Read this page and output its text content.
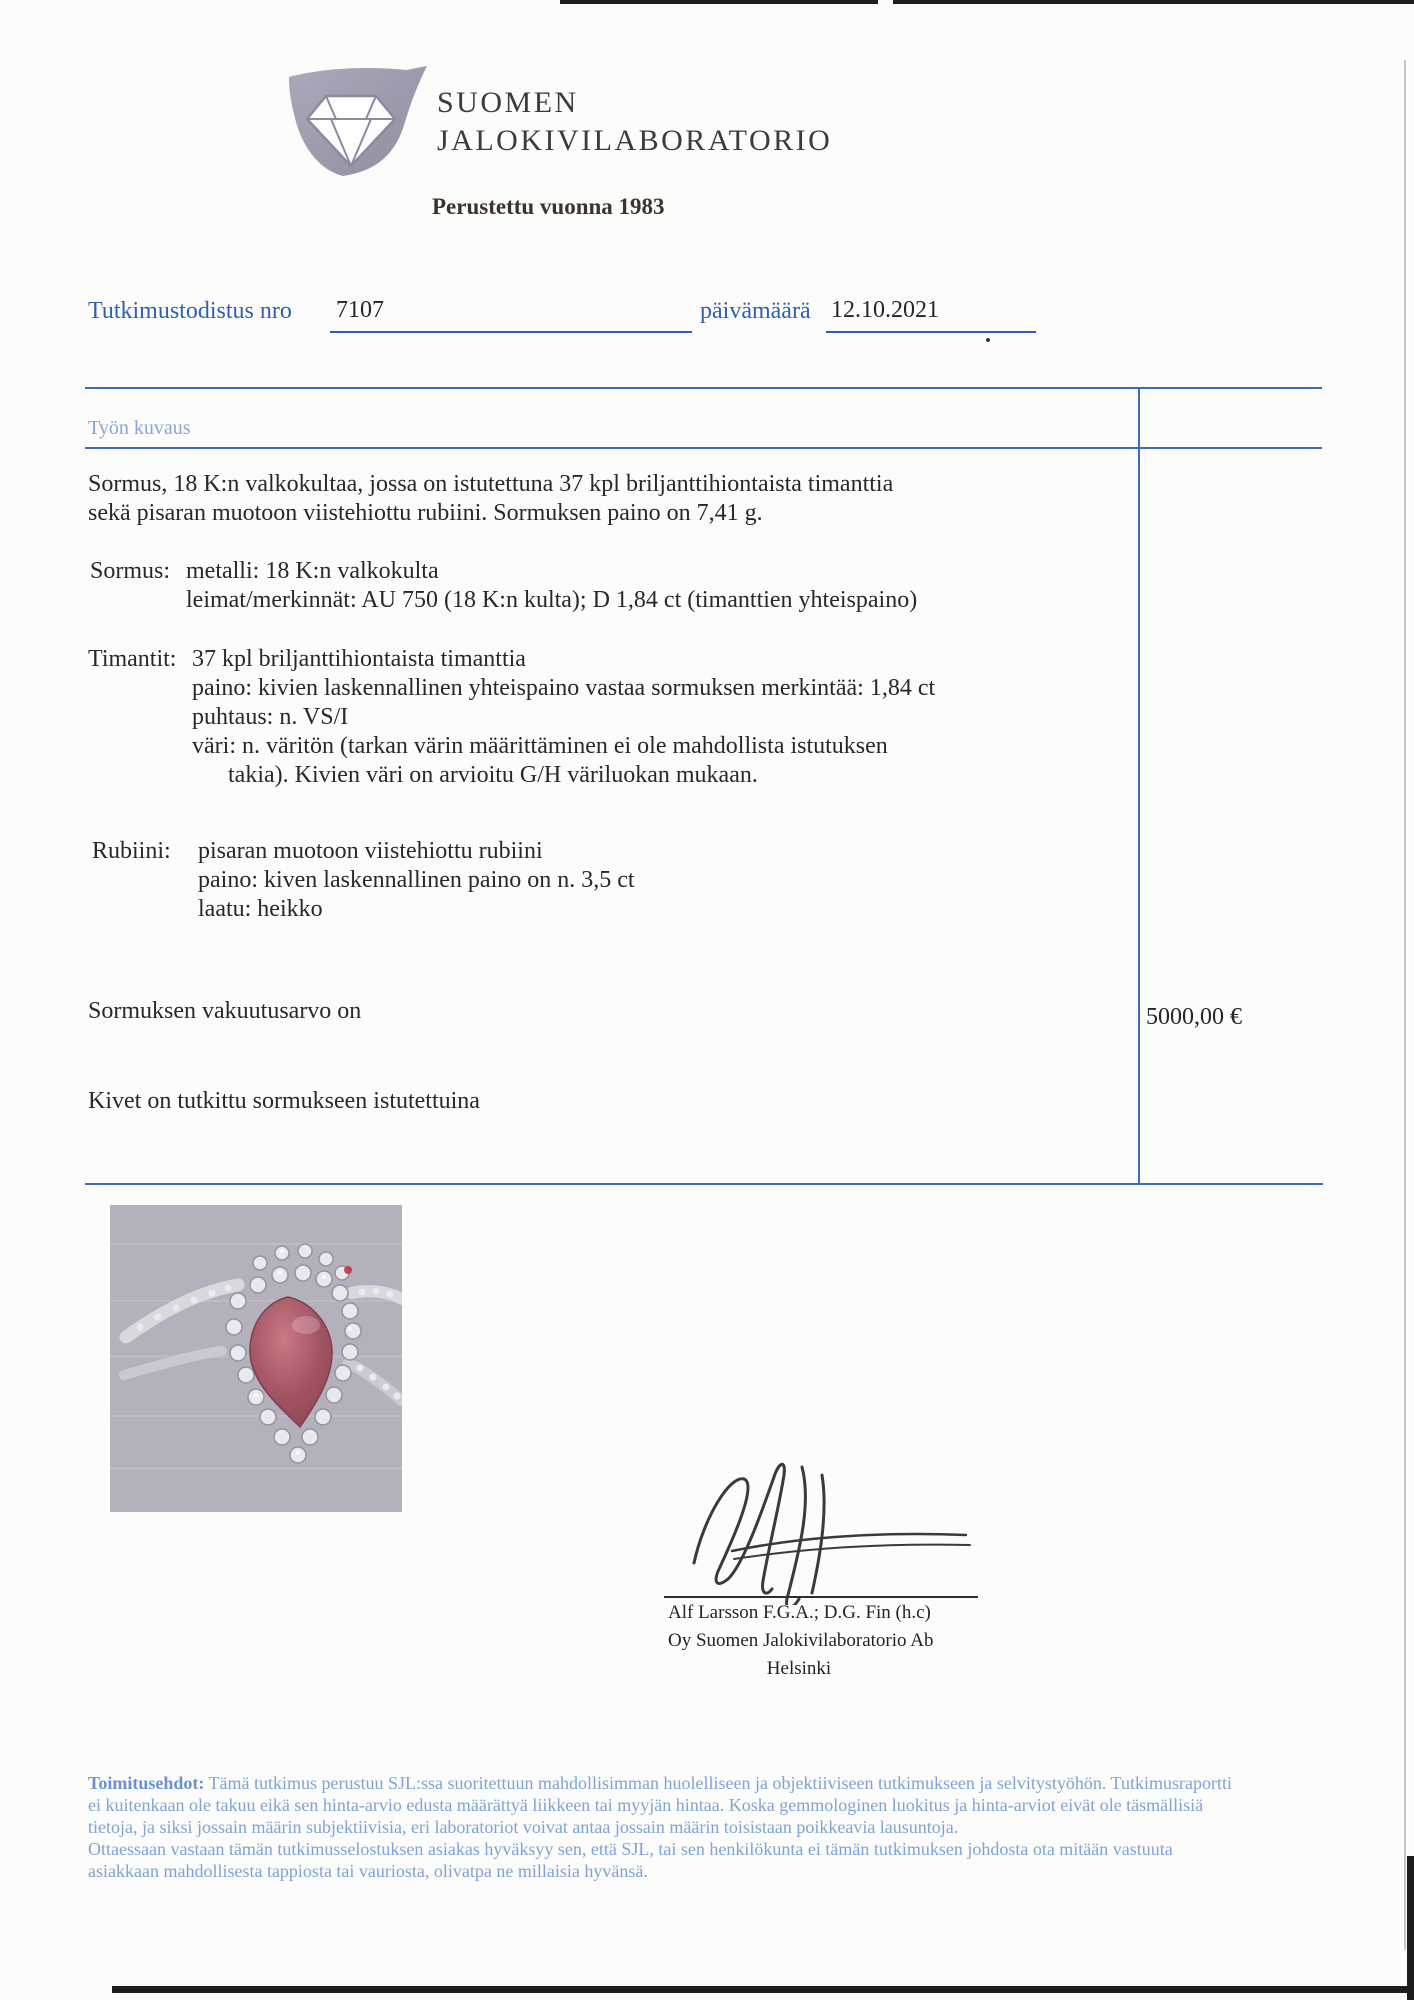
SUOMEN
JALOKIVILABORATORIO
Perustettu vuonna 1983
Tutkimustodistus nro 7107	päivämäärä 12.10.2021
Työn kuvaus
Sormus, 18 K:n valkokultaa, jossa on istutettuna 37 kpl briljanttihiontaista timanttia
sekä pisaran muotoon viistehiottu rubiini. Sormuksen paino on 7,41 g.
Sormus: metalli: 18 K:n valkokulta
leimat/merkinnät: AU 750 (18 K:n kulta); D 1,84 ct (timanttien yhteispaino)
Timantit: 37 kpl briljanttihiontaista timanttia
paino: kivien laskennallinen yhteispaino vastaa sormuksen merkintää: 1,84 ct
puhtaus: n. VS/I
väri: n. väritön (tarkan värin määrittäminen ei ole mahdollista istutuksen
takia). Kivien väri on arvioitu G/H väriluokan mukaan.
Rubiini: pisaran muotoon viistehiottu rubiini
paino: kiven laskennallinen paino on n. 3,5 ct
laatu: heikko
Sormuksen vakuutusarvo on	5000,00 €
Kivet on tutkittu sormukseen istutettuina
Alf Larsson F.G.A.; D.G. Fin (h.c)
Oy Suomen Jalokivilaboratorio Ab
Helsinki
Toimitusehdot: Tämä tutkimus perustuu SJL:ssa suoritettuun mahdollisimman huolelliseen ja objektiiviseen tutkimukseen ja selvitystyöhön. Tutkimusraportti
ei kuitenkaan ole takuu eikä sen hinta-arvio edusta määrättyä liikkeen tai myyjän hintaa. Koska gemmologinen luokitus ja hinta-arviot eivät ole täsmällisiä
tietoja, ja siksi jossain määrin subjektiivisia, eri laboratoriot voivat antaa jossain määrin toisistaan poikkeavia lausuntoja.
Ottaessaan vastaan tämän tutkimusselostuksen asiakas hyväksyy sen, että SJL, tai sen henkilökunta ei tämän tutkimuksen johdosta ota mitään vastuuta
asiakkaan mahdollisesta tappiosta tai vauriosta, olivatpa ne millaisia hyvänsä.
